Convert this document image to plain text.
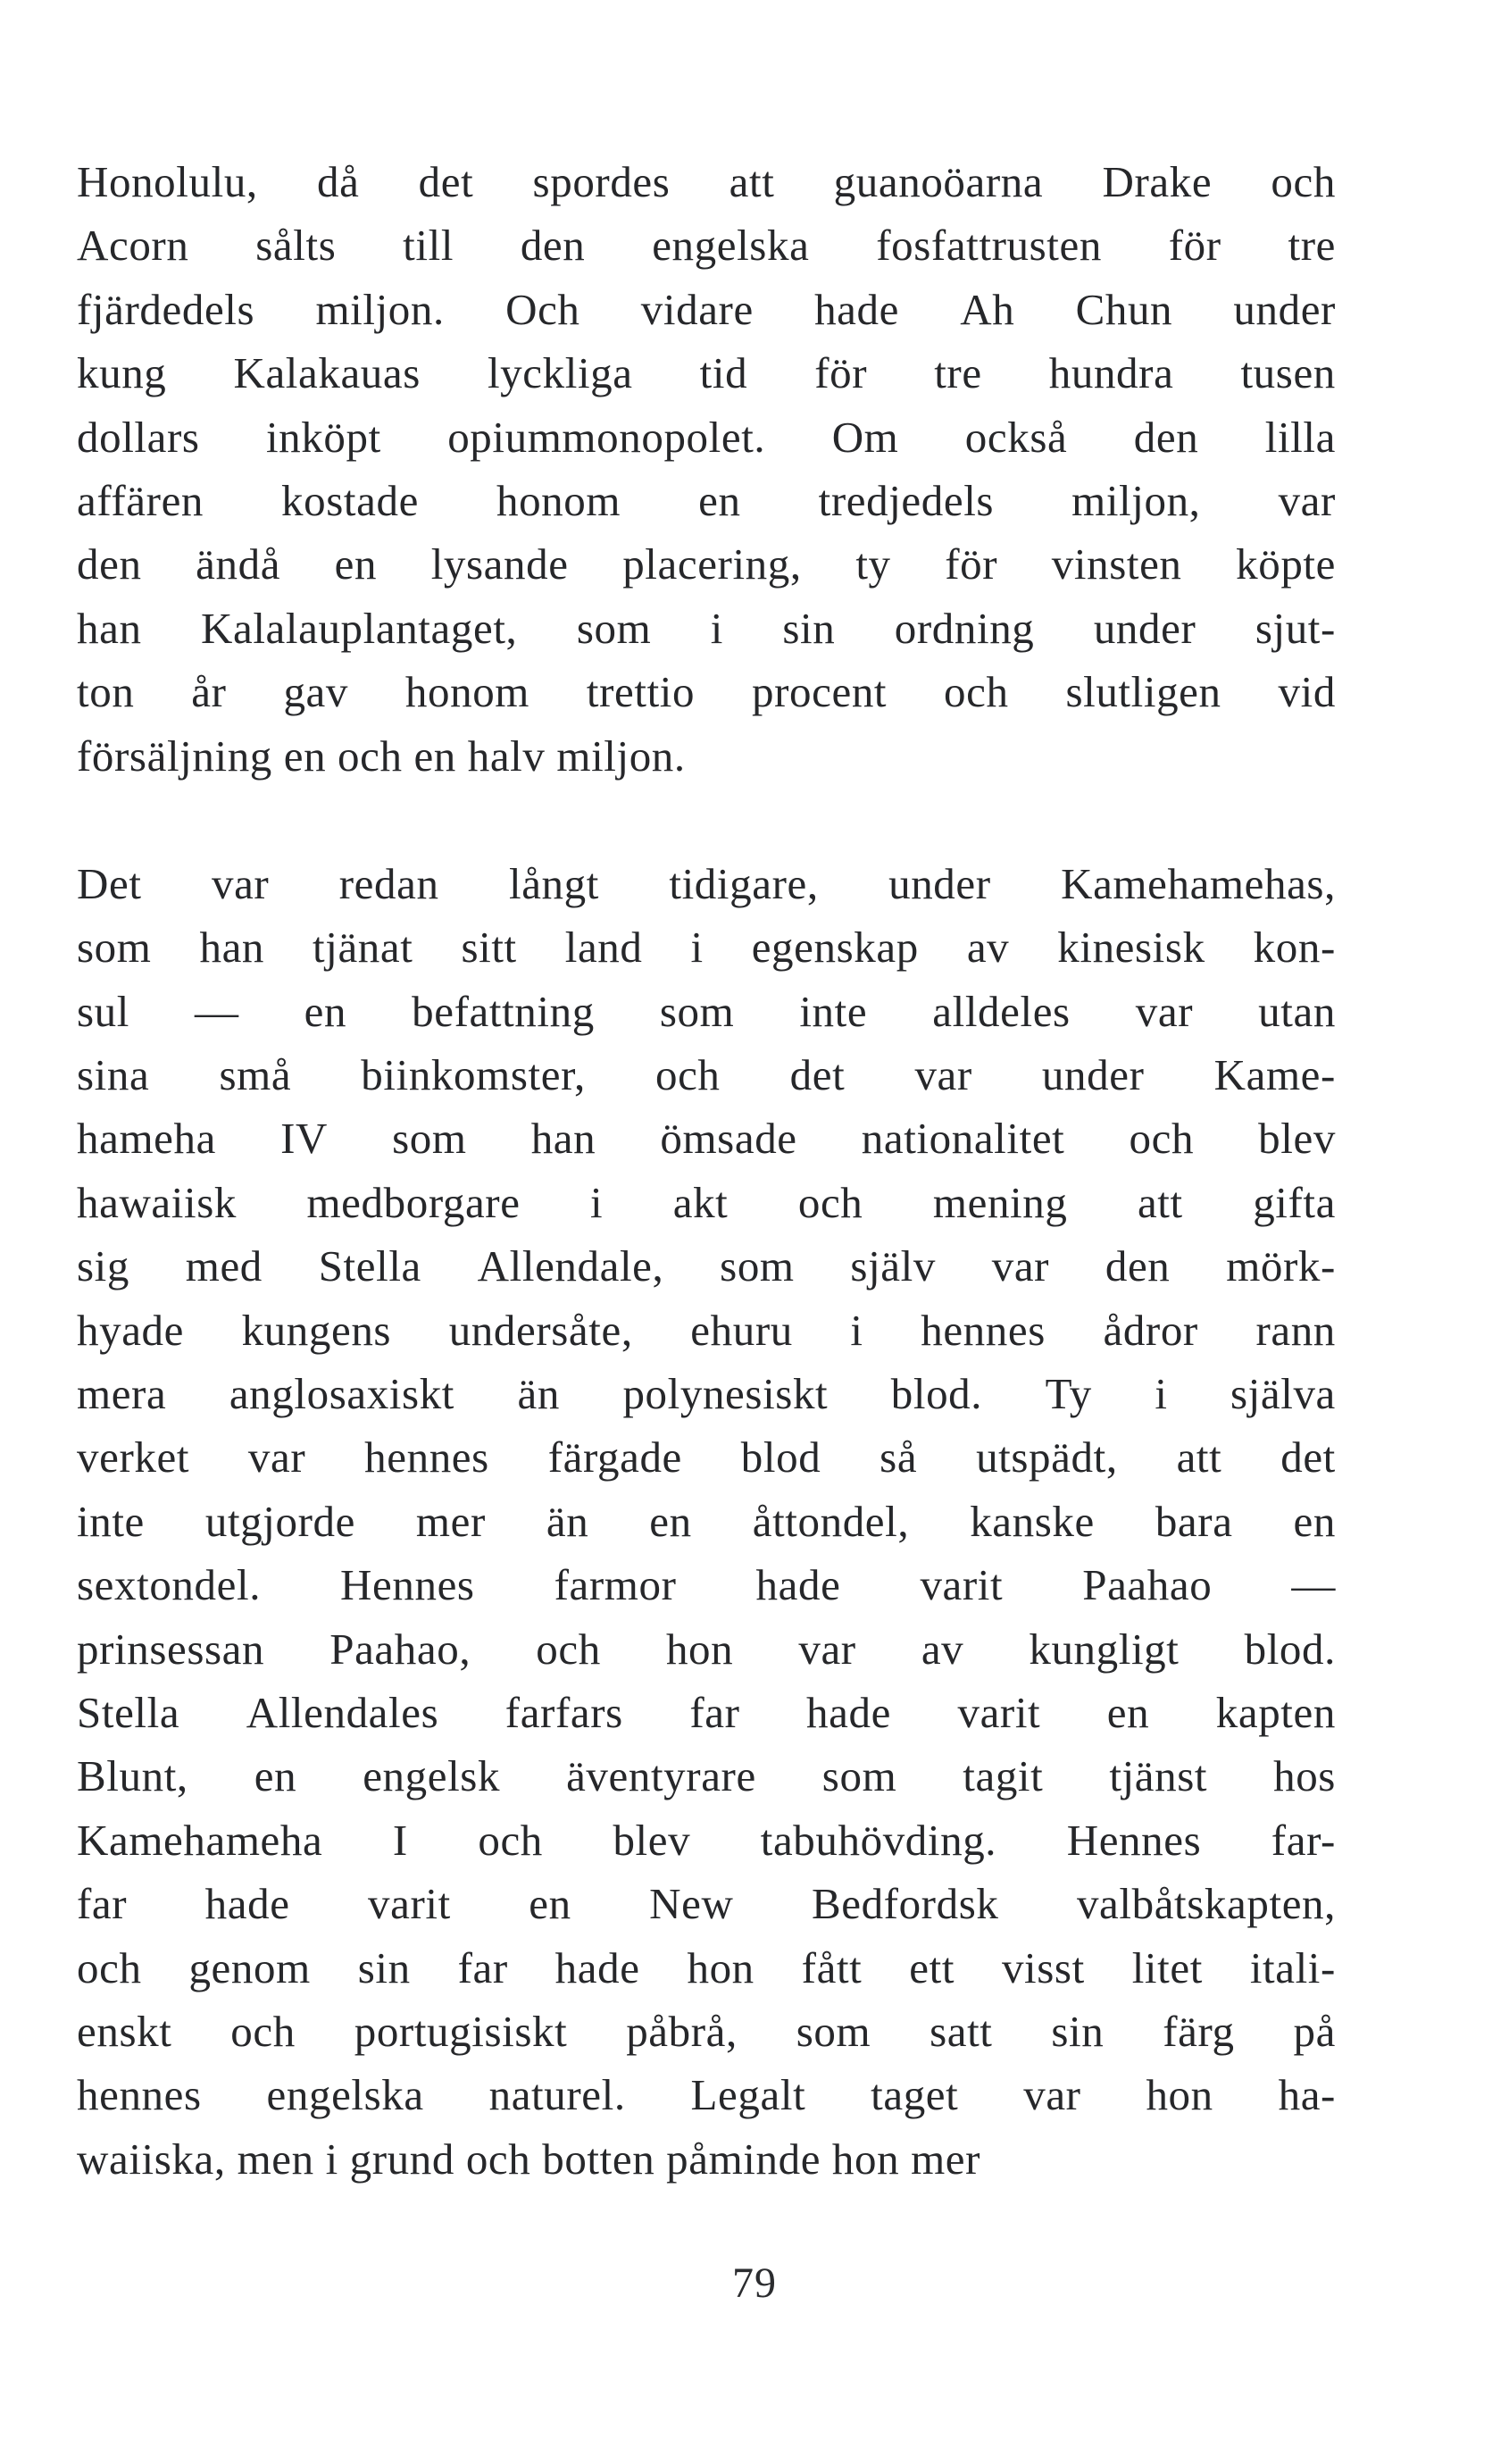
Honolulu, då det spordes att guanoöarna Drake och
Acorn sålts till den engelska fosfattrusten för tre
fjärdedels miljon. Och vidare hade Ah Chun under
kung Kalakauas lyckliga tid för tre hundra tusen
dollars inköpt opiummonopolet. Om också den lilla
affären kostade honom en tredjedels miljon, var
den ändå en lysande placering, ty för vinsten köpte
han Kalalauplantaget, som i sin ordning under sjut-
ton år gav honom trettio procent och slutligen vid
försäljning en och en halv miljon.
Det var redan långt tidigare, under Kamehamehas,
som han tjänat sitt land i egenskap av kinesisk kon-
sul — en befattning som inte alldeles var utan
sina små biinkomster, och det var under Kame-
hameha IV som han ömsade nationalitet och blev
hawaiisk medborgare i akt och mening att gifta
sig med Stella Allendale, som själv var den mörk-
hyade kungens undersåte, ehuru i hennes ådror rann
mera anglosaxiskt än polynesiskt blod. Ty i själva
verket var hennes färgade blod så utspädt, att det
inte utgjorde mer än en åttondel, kanske bara en
sextondel. Hennes farmor hade varit Paahao —
prinsessan Paahao, och hon var av kungligt blod.
Stella Allendales farfars far hade varit en kapten
Blunt, en engelsk äventyrare som tagit tjänst hos
Kamehameha I och blev tabuhövding. Hennes far-
far hade varit en New Bedfordsk valbåtskapten,
och genom sin far hade hon fått ett visst litet itali-
enskt och portugisiskt påbrå, som satt sin färg på
hennes engelska naturel. Legalt taget var hon ha-
waiiska, men i grund och botten påminde hon mer
79
